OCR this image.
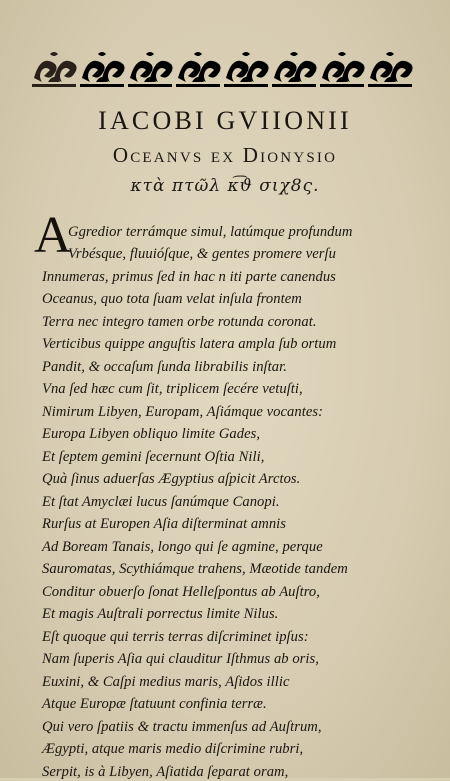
IACOBI GVIIONII
Oceanvs ex Dionysio
κτὰ πτῶλ κ͡ϑ σιχ8ς.
A
Ggredior terrámque simul, latúmque profundum
Vrbésque, fluuióſque, & gentes promere verſu
Innumeras, primus ſed in hac n iti parte canendus
Oceanus, quo tota ſuam velat inſula frontem
Terra nec integro tamen orbe rotunda coronat.
Verticibus quippe anguſtis latera ampla ſub ortum
Pandit, & occaſum ſunda librabilis inſtar.
Vna ſed hæc cum ſit, triplicem ſecére vetuſti,
Nimirum Libyen, Europam, Aſiámque vocantes:
Europa Libyen obliquo limite Gades,
Et ſeptem gemini ſecernunt Oſtia Nili,
Quà ſinus aduerſas Ægyptius aſpicit Arctos.
Et ſtat Amyclæi lucus ſanúmque Canopi.
Rurſus at Europen Aſia diſterminat amnis
Ad Boream Tanais, longo qui ſe agmine, perque
Sauromatas, Scythiámque trahens, Mæotide tandem
Conditur obuerſo ſonat Helleſpontus ab Auſtro,
Et magis Auſtrali porrectus limite Nilus.
Eſt quoque qui terris terras diſcriminet ipſus:
Nam ſuperis Aſia qui clauditur Iſthmus ab oris,
Euxini, & Caſpi medius maris, Aſidos illic
Atque Europæ ſtatuunt confinia terræ.
Qui vero ſpatiis & tractu immenſus ad Auſtrum,
Ægypti, atque maris medio diſcrimine rubri,
Serpit, is à Libyen, Aſiatida ſeparat oram,
